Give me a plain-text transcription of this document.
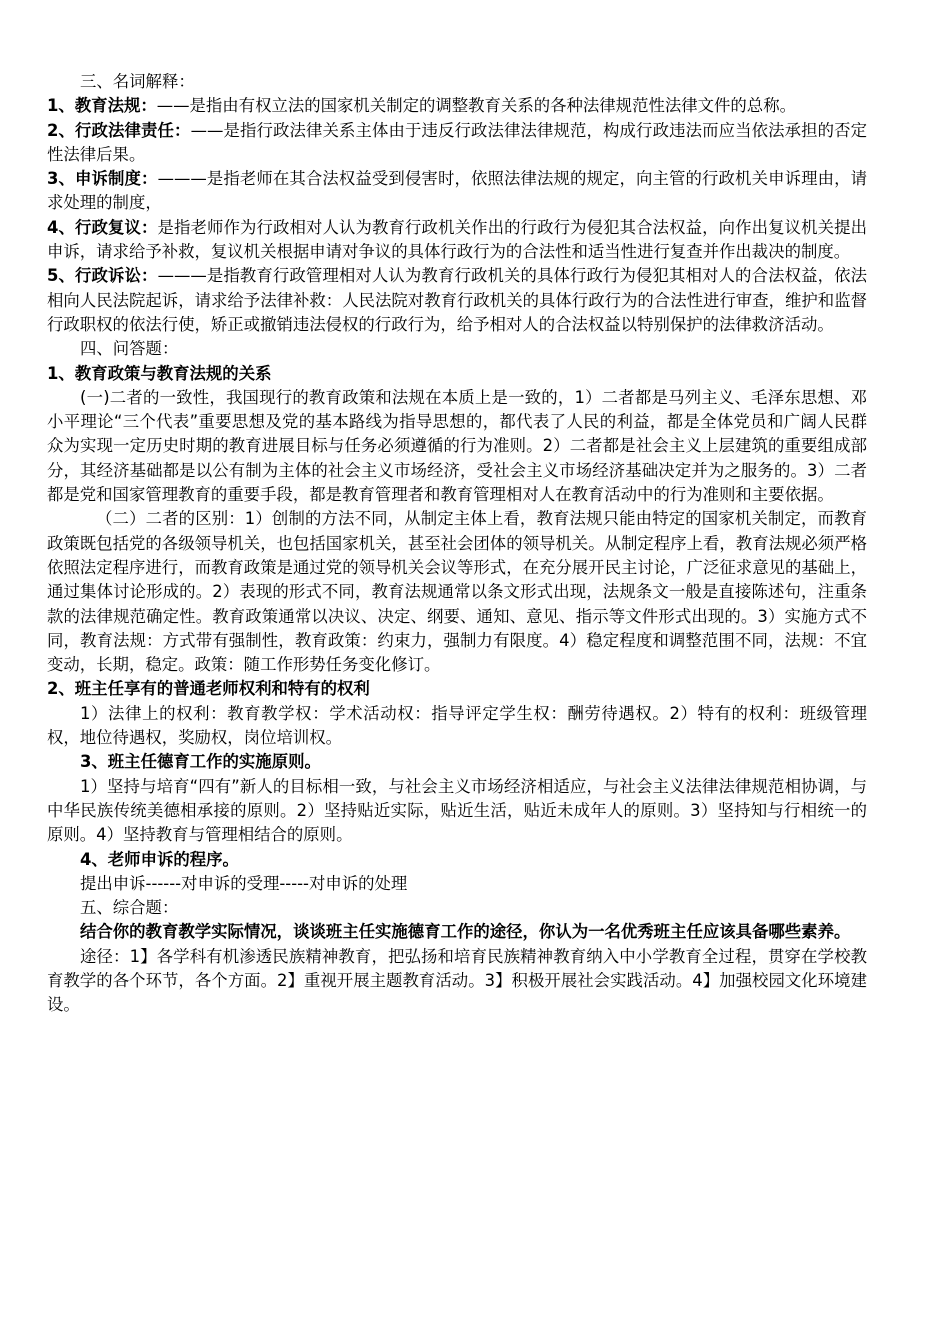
三、名词解释：

1、教育法规：——是指由有权立法的国家机关制定的调整教育关系的各种法律规范性法律文件的总称。

2、行政法律责任：——是指行政法律关系主体由于违反行政法律法律规范，构成行政违法而应当依法承担的否定性法律后果。

3、申诉制度：———是指老师在其合法权益受到侵害时，依照法律法规的规定，向主管的行政机关申诉理由，请求处理的制度，

4、行政复议：是指老师作为行政相对人认为教育行政机关作出的行政行为侵犯其合法权益，向作出复议机关提出申诉，请求给予补救，复议机关根据申请对争议的具体行政行为的合法性和适当性进行复查并作出裁决的制度。

5、行政诉讼：———是指教育行政管理相对人认为教育行政机关的具体行政行为侵犯其相对人的合法权益，依法相向人民法院起诉，请求给予法律补救：人民法院对教育行政机关的具体行政行为的合法性进行审查，维护和监督行政职权的依法行使，矫正或撤销违法侵权的行政行为，给予相对人的合法权益以特别保护的法律救济活动。

四、问答题：

1、教育政策与教育法规的关系

(一)二者的一致性，我国现行的教育政策和法规在本质上是一致的，1）二者都是马列主义、毛泽东思想、邓小平理论“三个代表”重要思想及党的基本路线为指导思想的，都代表了人民的利益，都是全体党员和广阔人民群众为实现一定历史时期的教育进展目标与任务必须遵循的行为准则。2）二者都是社会主义上层建筑的重要组成部分，其经济基础都是以公有制为主体的社会主义市场经济，受社会主义市场经济基础决定并为之服务的。3）二者都是党和国家管理教育的重要手段，都是教育管理者和教育管理相对人在教育活动中的行为准则和主要依据。

（二）二者的区别：1）创制的方法不同，从制定主体上看，教育法规只能由特定的国家机关制定，而教育政策既包括党的各级领导机关，也包括国家机关，甚至社会团体的领导机关。从制定程序上看，教育法规必须严格依照法定程序进行，而教育政策是通过党的领导机关会议等形式，在充分展开民主讨论，广泛征求意见的基础上，通过集体讨论形成的。2）表现的形式不同，教育法规通常以条文形式出现，法规条文一般是直接陈述句，注重条款的法律规范确定性。教育政策通常以决议、决定、纲要、通知、意见、指示等文件形式出现的。3）实施方式不同，教育法规：方式带有强制性，教育政策：约束力，强制力有限度。4）稳定程度和调整范围不同，法规：不宜变动，长期，稳定。政策：随工作形势任务变化修订。

2、班主任享有的普通老师权利和特有的权利

1）法律上的权利：教育教学权：学术活动权：指导评定学生权：酬劳待遇权。2）特有的权利：班级管理权，地位待遇权，奖励权，岗位培训权。

3、班主任德育工作的实施原则。

1）坚持与培育“四有”新人的目标相一致，与社会主义市场经济相适应，与社会主义法律法律规范相协调，与中华民族传统美德相承接的原则。2）坚持贴近实际，贴近生活，贴近未成年人的原则。3）坚持知与行相统一的原则。4）坚持教育与管理相结合的原则。

4、老师申诉的程序。

提出申诉------对申诉的受理-----对申诉的处理

五、综合题：

结合你的教育教学实际情况，谈谈班主任实施德育工作的途径，你认为一名优秀班主任应该具备哪些素养。

途径：1】各学科有机渗透民族精神教育，把弘扬和培育民族精神教育纳入中小学教育全过程，贯穿在学校教育教学的各个环节，各个方面。2】重视开展主题教育活动。3】积极开展社会实践活动。4】加强校园文化环境建设。
